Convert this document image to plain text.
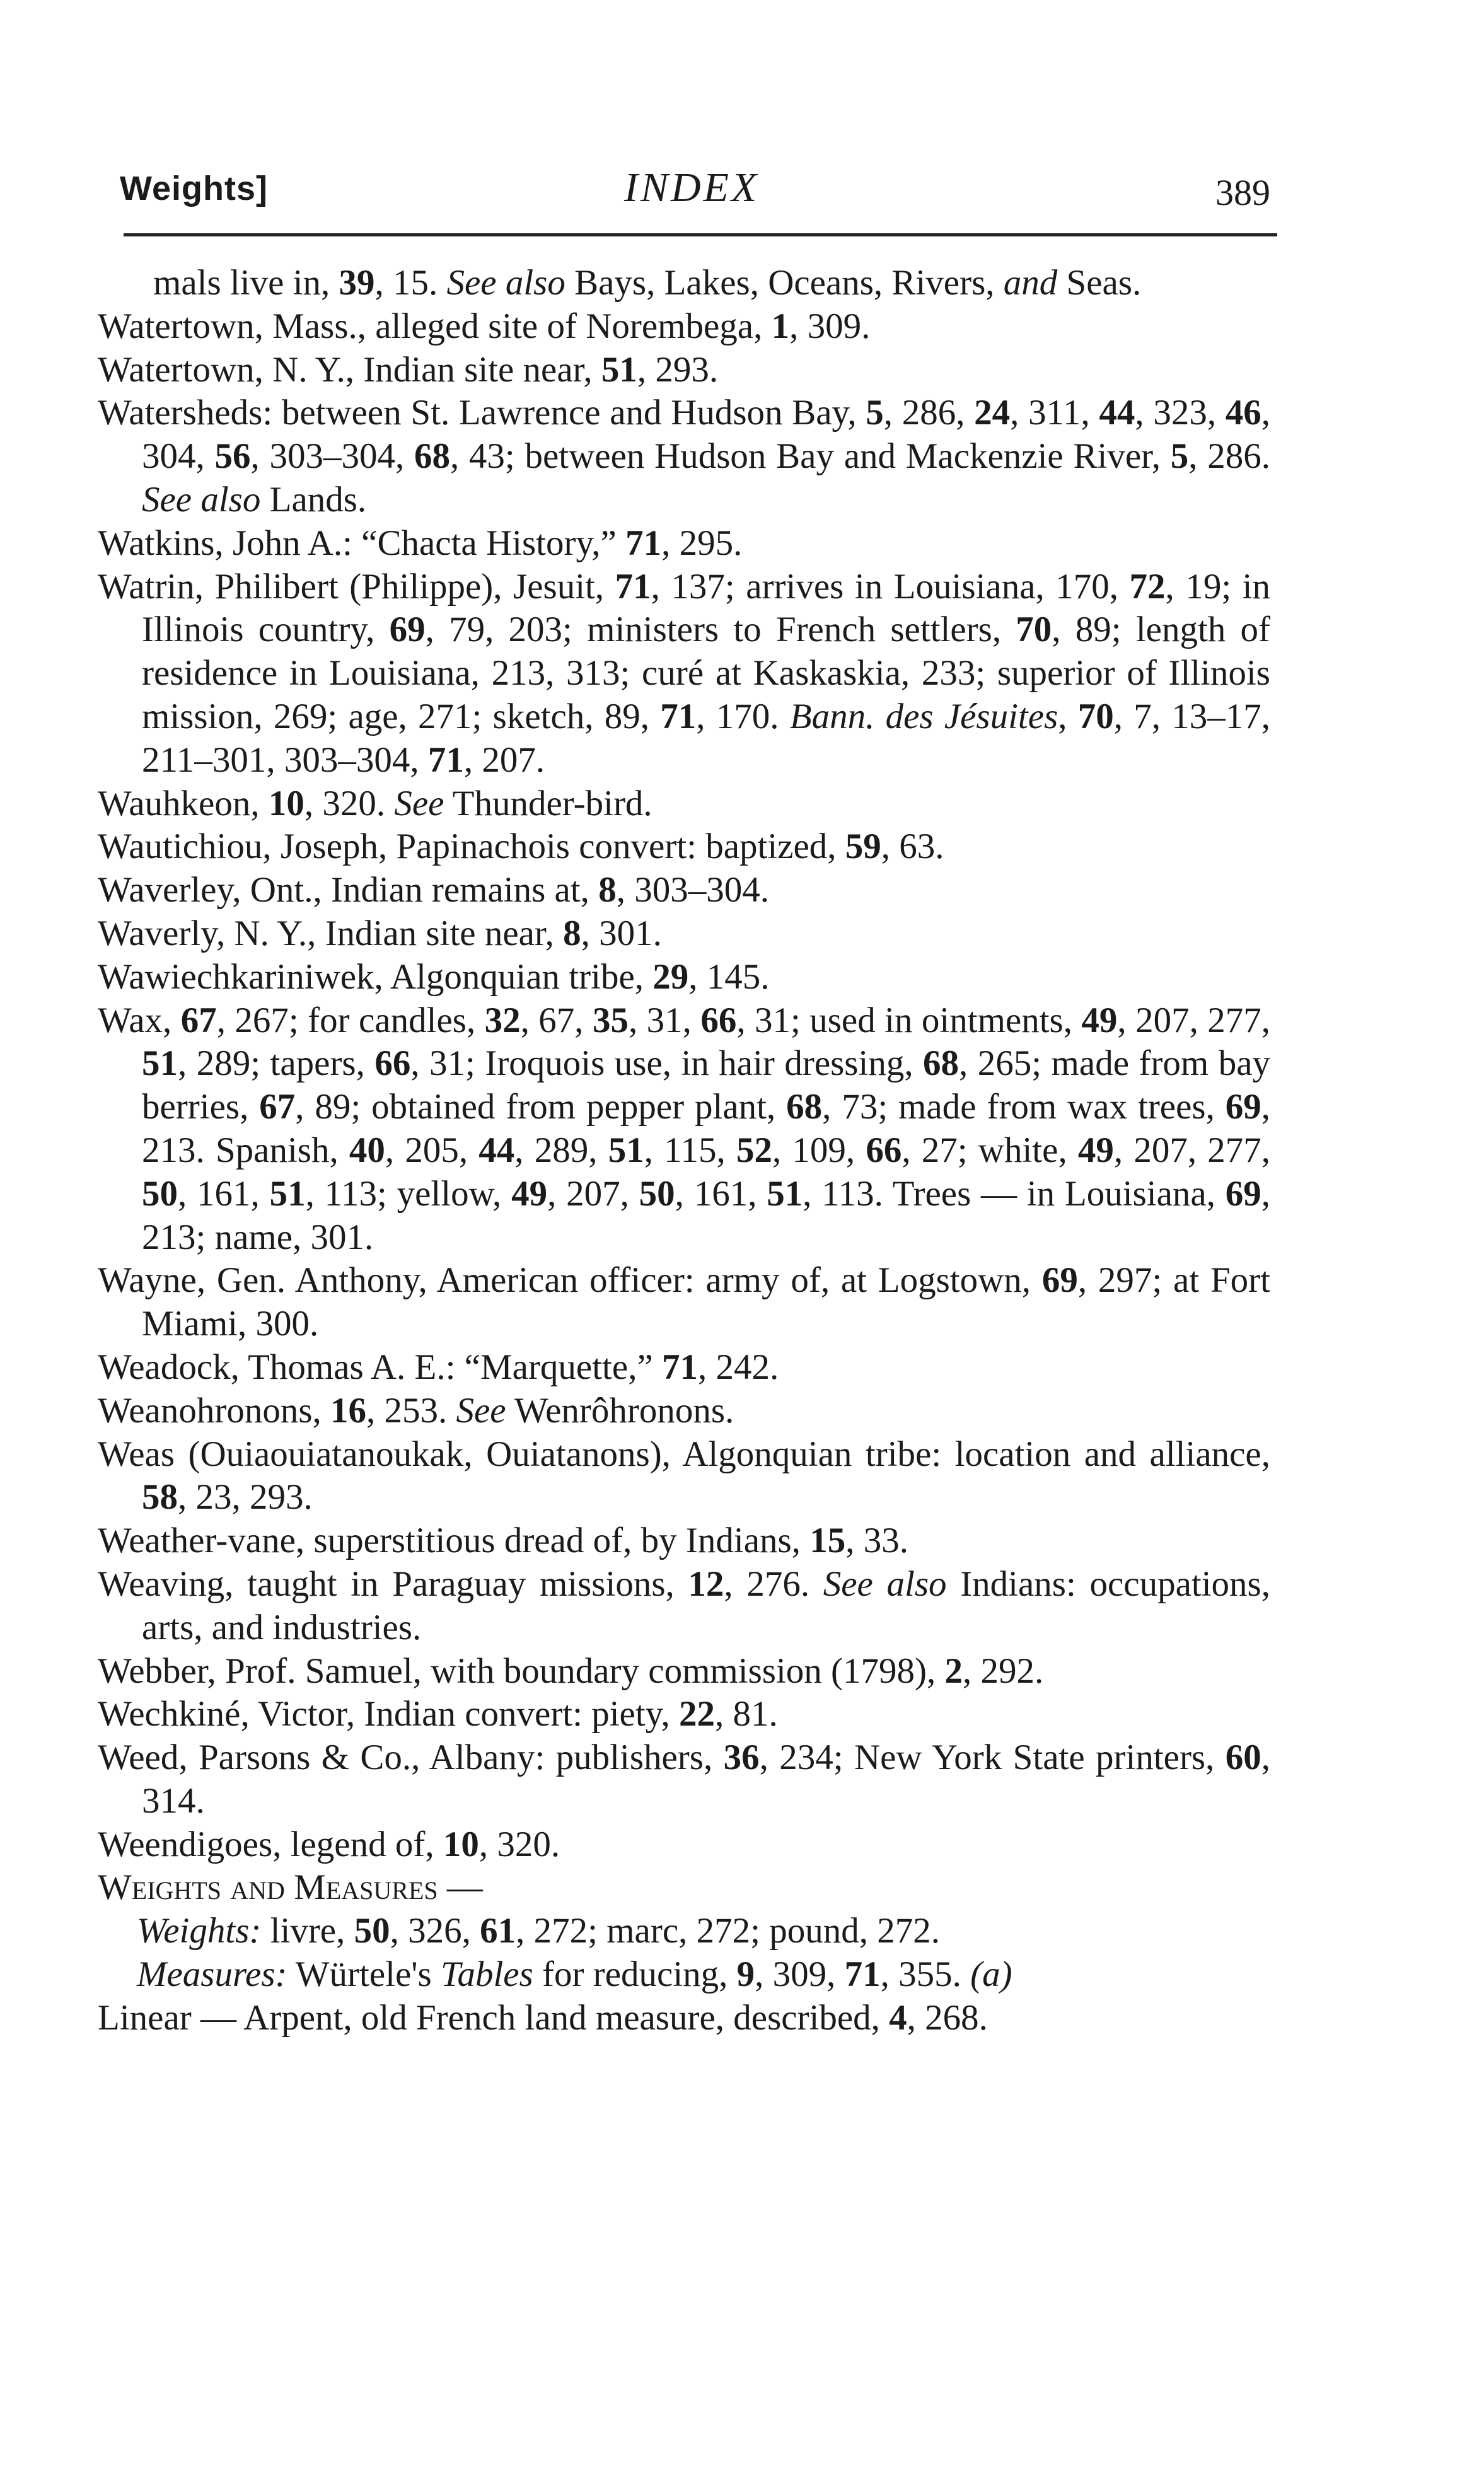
Weights]	INDEX	389
mals live in, 39, 15. See also Bays, Lakes, Oceans, Rivers, and Seas.
Watertown, Mass., alleged site of Norembega, 1, 309.
Watertown, N. Y., Indian site near, 51, 293.
Watersheds: between St. Lawrence and Hudson Bay, 5, 286, 24, 311, 44, 323, 46, 304, 56, 303–304, 68, 43; between Hudson Bay and Mackenzie River, 5, 286. See also Lands.
Watkins, John A.: “Chacta History,” 71, 295.
Watrin, Philibert (Philippe), Jesuit, 71, 137; arrives in Louisiana, 170, 72, 19; in Illinois country, 69, 79, 203; ministers to French settlers, 70, 89; length of residence in Louisiana, 213, 313; curé at Kaskaskia, 233; superior of Illinois mission, 269; age, 271; sketch, 89, 71, 170. Bann. des Jésuites, 70, 7, 13–17, 211–301, 303–304, 71, 207.
Wauhkeon, 10, 320. See Thunder-bird.
Wautichiou, Joseph, Papinachois convert: baptized, 59, 63.
Waverley, Ont., Indian remains at, 8, 303–304.
Waverly, N. Y., Indian site near, 8, 301.
Wawiechkariniwek, Algonquian tribe, 29, 145.
Wax, 67, 267; for candles, 32, 67, 35, 31, 66, 31; used in ointments, 49, 207, 277, 51, 289; tapers, 66, 31; Iroquois use, in hair dressing, 68, 265; made from bay berries, 67, 89; obtained from pepper plant, 68, 73; made from wax trees, 69, 213. Spanish, 40, 205, 44, 289, 51, 115, 52, 109, 66, 27; white, 49, 207, 277, 50, 161, 51, 113; yellow, 49, 207, 50, 161, 51, 113. Trees — in Louisiana, 69, 213; name, 301.
Wayne, Gen. Anthony, American officer: army of, at Logstown, 69, 297; at Fort Miami, 300.
Weadock, Thomas A. E.: “Marquette,” 71, 242.
Weanohronons, 16, 253. See Wenrôhronons.
Weas (Ouiaouiatanoukak, Ouiatanons), Algonquian tribe: location and alliance, 58, 23, 293.
Weather-vane, superstitious dread of, by Indians, 15, 33.
Weaving, taught in Paraguay missions, 12, 276. See also Indians: occupations, arts, and industries.
Webber, Prof. Samuel, with boundary commission (1798), 2, 292.
Wechkiné, Victor, Indian convert: piety, 22, 81.
Weed, Parsons & Co., Albany: publishers, 36, 234; New York State printers, 60, 314.
Weendigoes, legend of, 10, 320.
Weights and Measures —
Weights: livre, 50, 326, 61, 272; marc, 272; pound, 272.
Measures: Würtele's Tables for reducing, 9, 309, 71, 355. (a)
Linear — Arpent, old French land measure, described, 4, 268.
